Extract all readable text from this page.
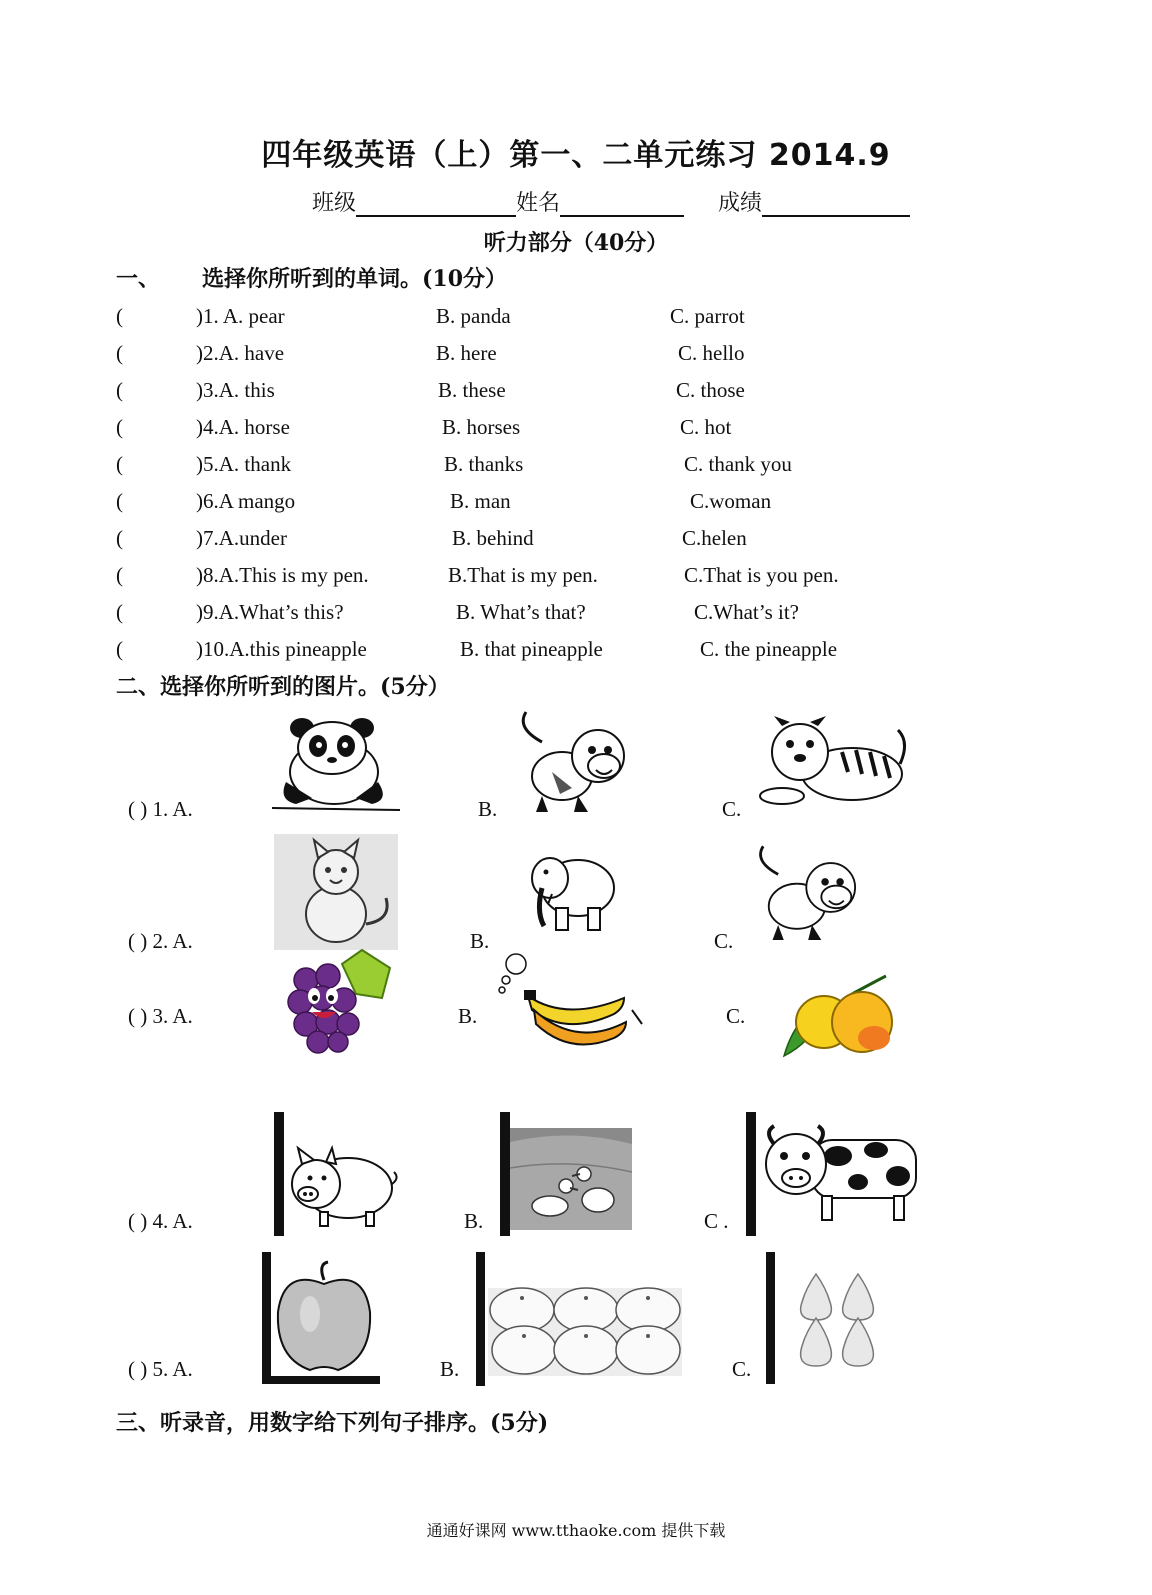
四年级英语（上）第一、二单元练习 2014.9
班级	姓名	成绩
听力部分（40分）
一、 选择你所听到的单词。(10分）
(	)1. A. pear	B. panda	C. parrot
(	)2.A. have	B. here	C. hello
(	)3.A. this	B. these	C. those
(	)4.A. horse	B. horses	C. hot
(	)5.A. thank	B. thanks	C. thank you
(	)6.A mango	B. man	C.woman
(	)7.A.under	B. behind	C.helen
(	)8.A.This is my pen.	B.That is my pen.	C.That is you pen.
(	)9.A.What’s this?	B. What’s that?	C.What’s it?
(	)10.A.this pineapple	B. that pineapple	C. the pineapple
二、选择你所听到的图片。(5分）
( ) 1. A.	B.	C.
( ) 2. A.	B.	C.
( ) 3. A.	B.	C.
( ) 4. A.	B.	C .
( ) 5. A.	B.	C.
三、听录音，用数字给下列句子排序。(5分)
通通好课网 www.tthaoke.com 提供下载
